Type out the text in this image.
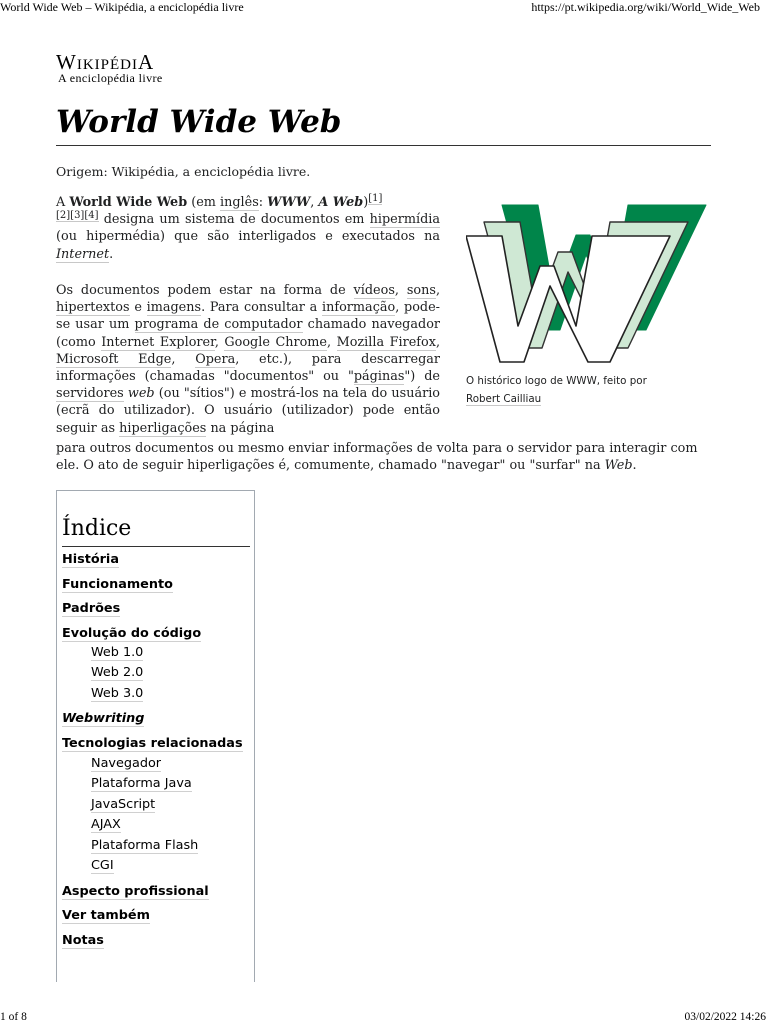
World Wide Web – Wikipédia, a enciclopédia livre	https://pt.wikipedia.org/wiki/World_Wide_Web
WIKIPÉDIA
A enciclopédia livre
World Wide Web
Origem: Wikipédia, a enciclopédia livre.

A World Wide Web (em inglês: WWW, A Web)[1]
[2][3][4] designa um sistema de documentos em hipermídia (ou hipermédia) que são interligados e executados na Internet.

Os documentos podem estar na forma de vídeos, sons, hipertextos e imagens. Para consultar a informação, pode-se usar um programa de computador chamado navegador (como Internet Explorer, Google Chrome, Mozilla Firefox, Microsoft Edge, Opera, etc.), para descarregar informações (chamadas "documentos" ou "páginas") de servidores web (ou "sítios") e mostrá-los na tela do usuário (ecrã do utilizador). O usuário (utilizador) pode então seguir as hiperligações na página

para outros documentos ou mesmo enviar informações de volta para o servidor para interagir com ele. O ato de seguir hiperligações é, comumente, chamado "navegar" ou "surfar" na Web.

O histórico logo de WWW, feito por
Robert Cailliau
Índice
História
Funcionamento
Padrões
Evolução do código
Web 1.0
Web 2.0
Web 3.0
Webwriting
Tecnologias relacionadas
Navegador
Plataforma Java
JavaScript
AJAX
Plataforma Flash
CGI
Aspecto profissional
Ver também
Notas
1 of 8	03/02/2022 14:26
